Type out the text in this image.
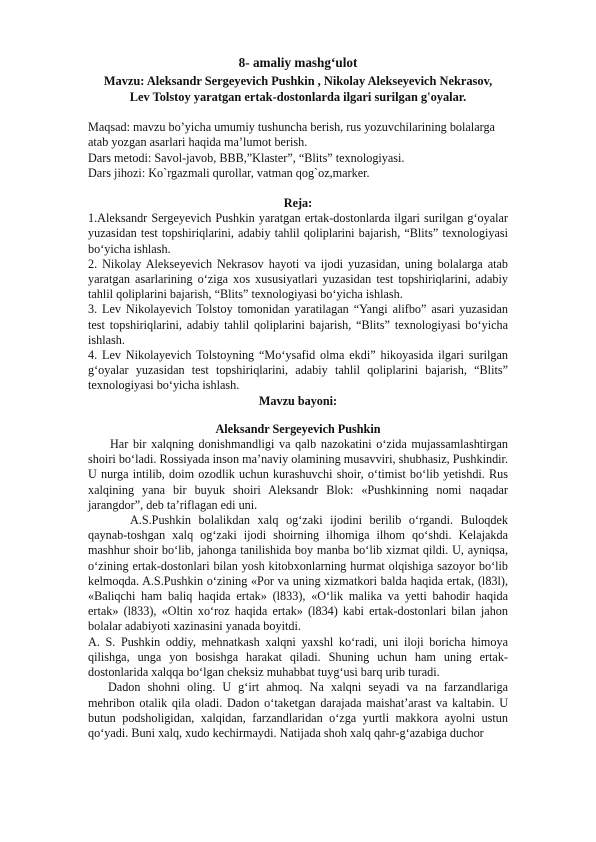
8- amaliy mashg‘ulot
Mavzu: Aleksandr Sergeyevich Pushkin , Nikolay Alekseyevich Nekrasov,
Lev Tolstoy yaratgan ertak-dostonlarda ilgari surilgan g'oyalar.

Maqsad: mavzu bo’yicha umumiy tushuncha berish, rus yozuvchilarining bolalarga atab yozgan asarlari haqida ma’lumot berish.

Dars metodi: Savol-javob, BBB,”Klaster”, “Blits” texnologiyasi.

Dars jihozi: Ko`rgazmali qurollar, vatman qog`oz,marker.

Reja:

1.Aleksandr Sergeyevich Pushkin yaratgan ertak-dostonlarda ilgari surilgan g‘oyalar yuzasidan test topshiriqlarini, adabiy tahlil qoliplarini bajarish, “Blits” texnologiyasi bo‘yicha ishlash.

2. Nikolay Alekseyevich Nekrasov hayoti va ijodi yuzasidan, uning bolalarga atab yaratgan asarlarining o‘ziga xos xususiyatlari yuzasidan test topshiriqlarini, adabiy tahlil qoliplarini bajarish, “Blits” texnologiyasi bo‘yicha ishlash.

3. Lev Nikolayevich Tolstoy tomonidan yaratilagan “Yangi alifbo” asari yuzasidan test topshiriqlarini, adabiy tahlil qoliplarini bajarish, “Blits” texnologiyasi bo‘yicha ishlash.

4. Lev Nikolayevich Tolstoyning “Mo‘ysafid olma ekdi” hikoyasida ilgari surilgan g‘oyalar yuzasidan test topshiriqlarini, adabiy tahlil qoliplarini bajarish, “Blits” texnologiyasi bo‘yicha ishlash.

Mavzu bayoni:
Aleksandr Sergeyevich Pushkin

Har bir xalqning donishmandligi va qalb nazokatini o‘zida mujassamlashtirgan shoiri bo‘ladi. Rossiyada inson ma’naviy olamining musavviri, shubhasiz, Pushkindir. U nurga intilib, doim ozodlik uchun kurashuvchi shoir, o‘timist bo‘lib yetishdi. Rus xalqining yana bir buyuk shoiri Aleksandr Blok: «Pushkinning nomi naqadar jarangdor”, deb ta’riflagan edi uni.

A.S.Pushkin bolalikdan xalq og‘zaki ijodini berilib o‘rgandi. Buloqdek qaynab-toshgan xalq og‘zaki ijodi shoirning ilhomiga ilhom qo‘shdi. Kelajakda mashhur shoir bo‘lib, jahonga tanilishida boy manba bo‘lib xizmat qildi. U, ayniqsa, o‘zining ertak-dostonlari bilan yosh kitobxonlarning hurmat olqishiga sazoyor bo‘lib kelmoqda. A.S.Pushkin o‘zining «Por va uning xizmatkori balda haqida ertak, (l83l), «Baliqchi ham baliq haqida ertak» (l833), «O‘lik malika va yetti bahodir haqida ertak» (l833), «Oltin xo‘roz haqida ertak» (l834) kabi ertak-dostonlari bilan jahon bolalar adabiyoti xazinasini yanada boyitdi.

A. S. Pushkin oddiy, mehnatkash xalqni yaxshl ko‘radi, uni iloji boricha himoya qilishga, unga yon bosishga harakat qiladi. Shuning uchun ham uning ertak-dostonlarida xalqqa bo‘lgan cheksiz muhabbat tuyg‘usi barq urib turadi.

Dadon shohni oling. U g‘irt ahmoq. Na xalqni seyadi va na farzandlariga mehribon otalik qila oladi. Dadon o‘taketgan darajada maishat’arast va kaltabin. U butun podsholigidan, xalqidan, farzandlaridan o‘zga yurtli makkora ayolni ustun qo‘yadi. Buni xalq, xudo kechirmaydi. Natijada shoh xalq qahr-g‘azabiga duchor
